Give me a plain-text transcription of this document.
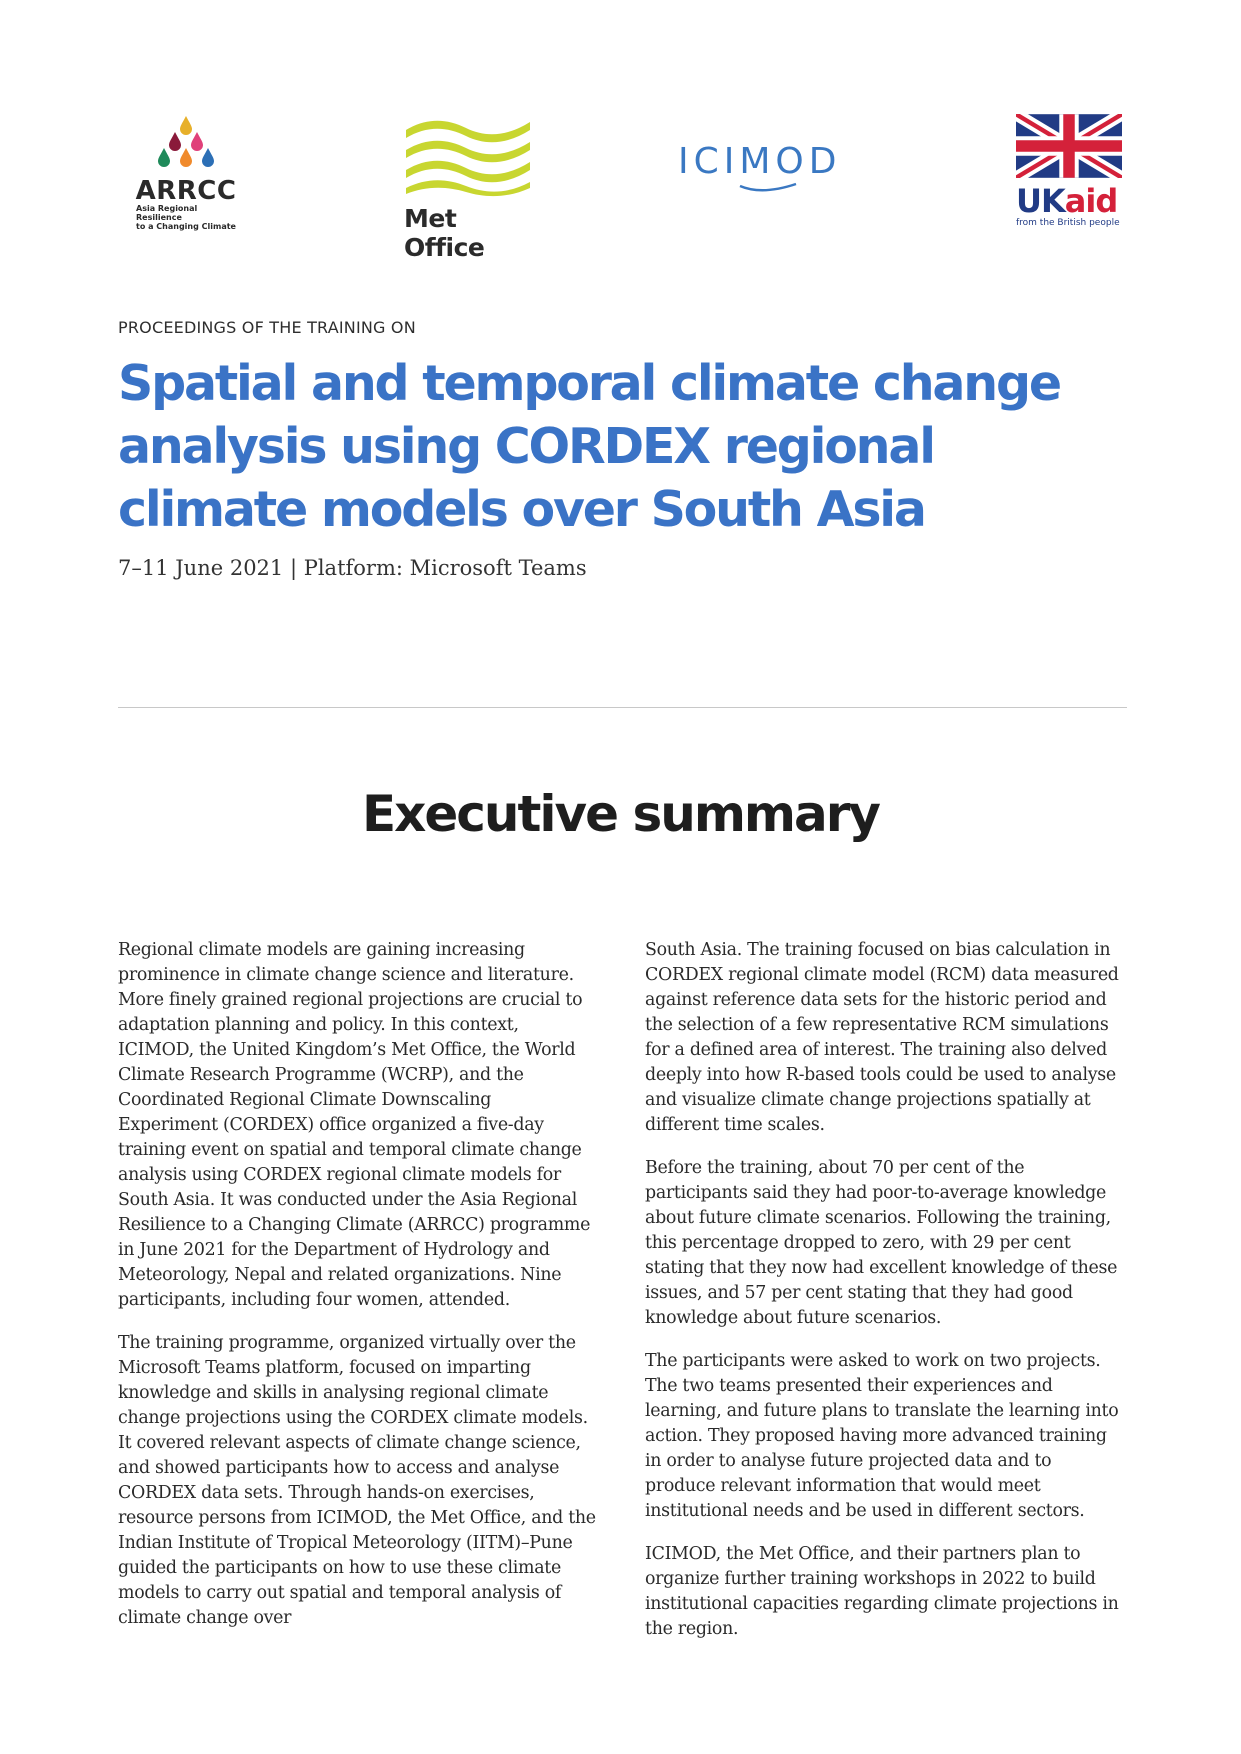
ARRCC
Asia Regional Resilience
to a Changing Climate	Met Office
ICIMOD
UKaid
from the British people
PROCEEDINGS OF THE TRAINING ON
Spatial and temporal climate change analysis using CORDEX regional climate models over South Asia
7–11 June 2021 | Platform: Microsoft Teams
Executive summary

Regional climate models are gaining increasing prominence in climate change science and literature. More finely grained regional projections are crucial to adaptation planning and policy. In this context, ICIMOD, the United Kingdom’s Met Office, the World Climate Research Programme (WCRP), and the Coordinated Regional Climate Downscaling Experiment (CORDEX) office organized a five-day training event on spatial and temporal climate change analysis using CORDEX regional climate models for South Asia. It was conducted under the Asia Regional Resilience to a Changing Climate (ARRCC) programme in June 2021 for the Department of Hydrology and Meteorology, Nepal and related organizations. Nine participants, including four women, attended.

The training programme, organized virtually over the Microsoft Teams platform, focused on imparting knowledge and skills in analysing regional climate change projections using the CORDEX climate models. It covered relevant aspects of climate change science, and showed participants how to access and analyse CORDEX data sets. Through hands-on exercises, resource persons from ICIMOD, the Met Office, and the Indian Institute of Tropical Meteorology (IITM)–Pune guided the participants on how to use these climate models to carry out spatial and temporal analysis of climate change over

South Asia. The training focused on bias calculation in CORDEX regional climate model (RCM) data measured against reference data sets for the historic period and the selection of a few representative RCM simulations for a defined area of interest. The training also delved deeply into how R-based tools could be used to analyse and visualize climate change projections spatially at different time scales.

Before the training, about 70 per cent of the participants said they had poor-to-average knowledge about future climate scenarios. Following the training, this percentage dropped to zero, with 29 per cent stating that they now had excellent knowledge of these issues, and 57 per cent stating that they had good knowledge about future scenarios.

The participants were asked to work on two projects. The two teams presented their experiences and learning, and future plans to translate the learning into action. They proposed having more advanced training in order to analyse future projected data and to produce relevant information that would meet institutional needs and be used in different sectors.

ICIMOD, the Met Office, and their partners plan to organize further training workshops in 2022 to build institutional capacities regarding climate projections in the region.
